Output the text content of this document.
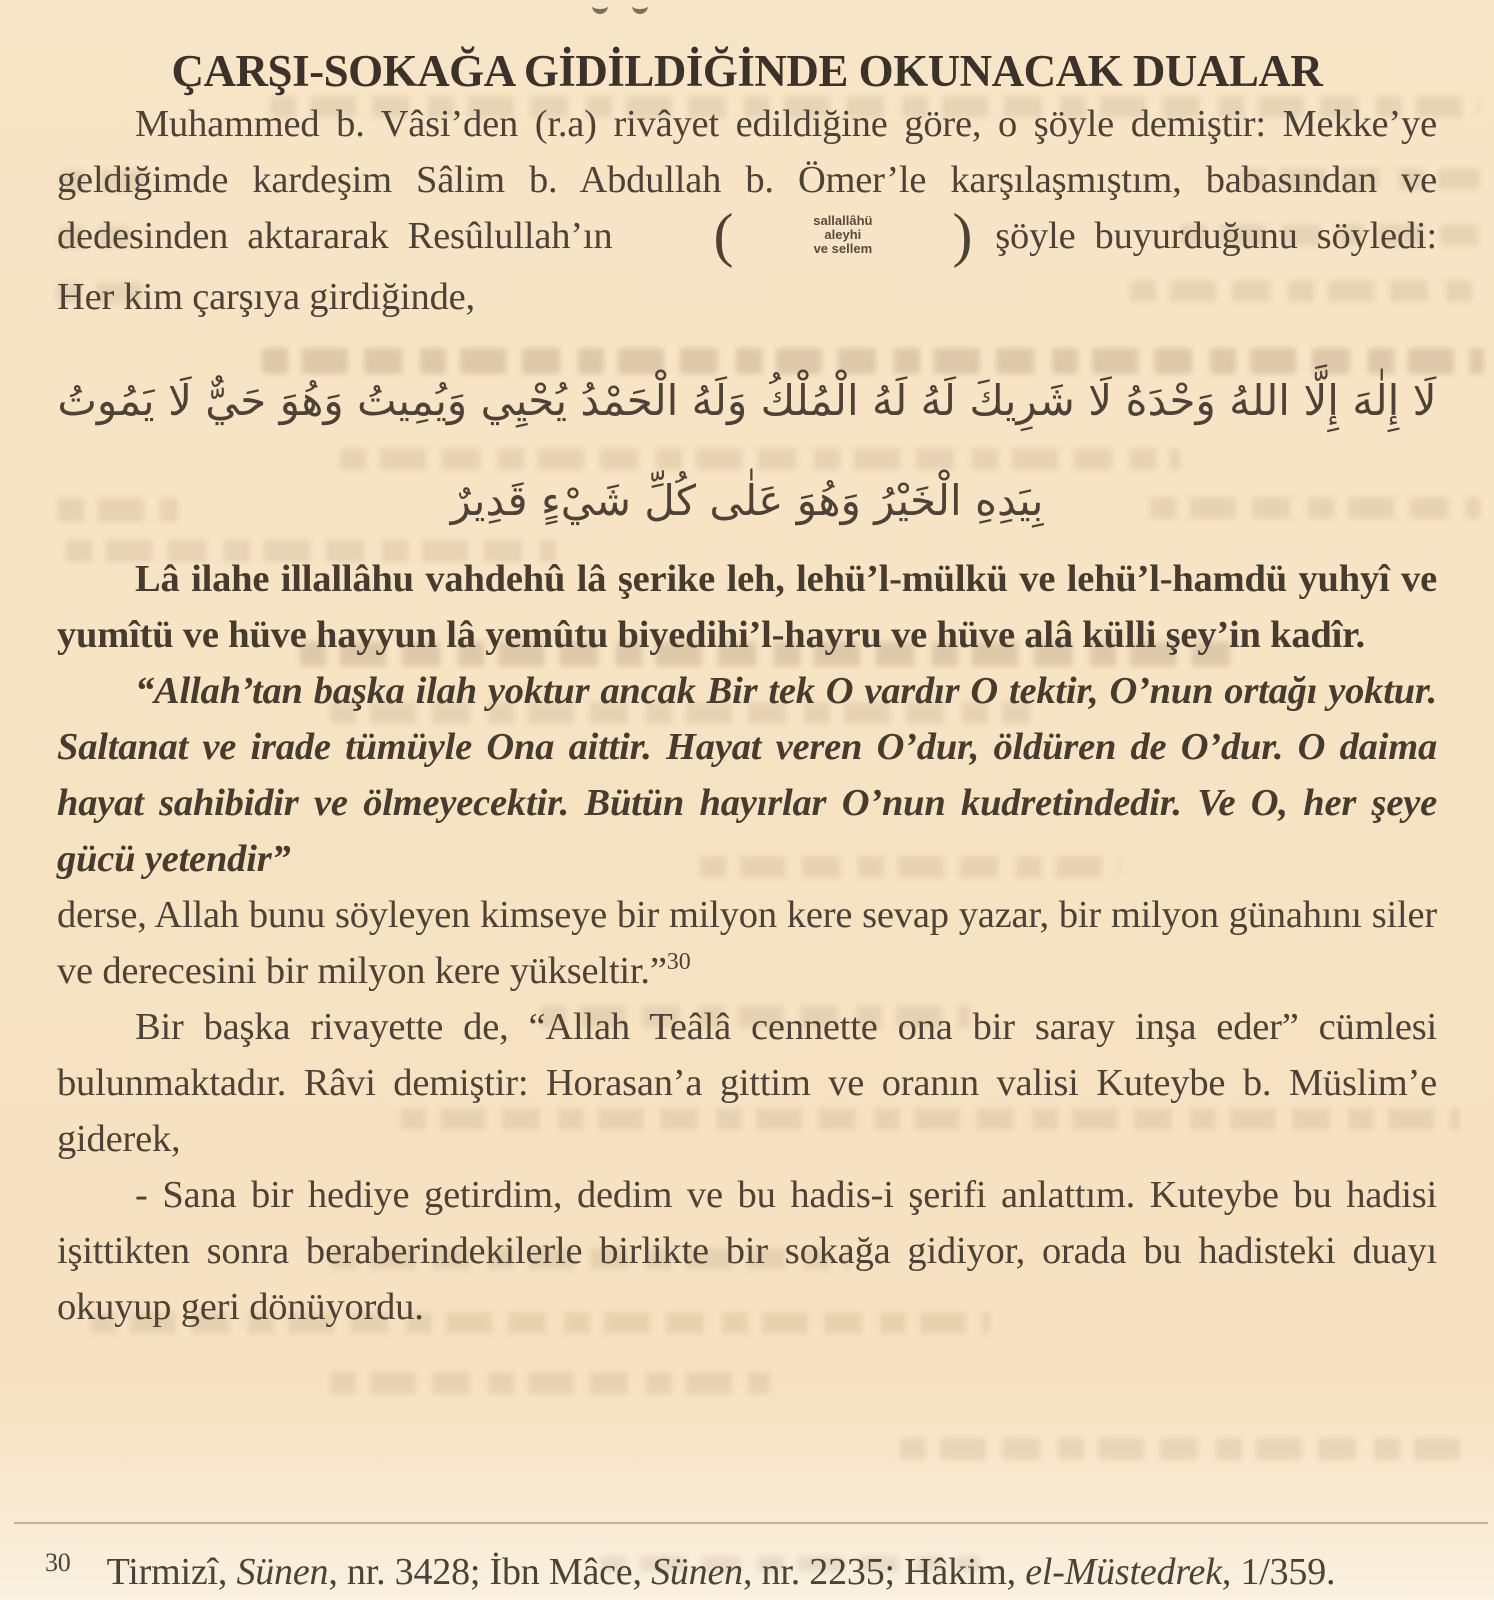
ÇARŞI-SOKAĞA GİDİLDİĞİNDE OKUNACAK DUALAR

Muhammed b. Vâsi’den (r.a) rivâyet edildiğine göre, o şöyle demiştir: Mekke’ye geldiğimde kardeşim Sâlim b. Abdullah b. Ömer’le karşılaşmıştım, babasından ve dedesinden aktararak Resûlullah’ın	(	sallallâhü
aleyhi
ve sellem	) şöyle buyurduğunu söyledi: Her kim çarşıya girdiğinde,

لَا إِلٰهَ إِلَّا اللهُ وَحْدَهُ لَا شَرِيكَ لَهُ لَهُ الْمُلْكُ وَلَهُ الْحَمْدُ يُحْيِي وَيُمِيتُ وَهُوَ حَيٌّ لَا يَمُوتُ
بِيَدِهِ الْخَيْرُ وَهُوَ عَلٰى كُلِّ شَيْءٍ قَدِيرٌ

Lâ ilahe illallâhu vahdehû lâ şerike leh, lehü’l-mülkü ve lehü’l-hamdü yuhyî ve yumîtü ve hüve hayyun lâ yemûtu biyedihi’l-hayru ve hüve alâ külli şey’in kadîr.

“Allah’tan başka ilah yoktur ancak Bir tek O vardır O tektir, O’nun ortağı yoktur. Saltanat ve irade tümüyle Ona aittir. Hayat veren O’dur, öldüren de O’dur. O daima hayat sahibidir ve ölmeyecektir. Bütün hayırlar O’nun kudretindedir. Ve O, her şeye gücü yetendir”

derse, Allah bunu söyleyen kimseye bir milyon kere sevap yazar, bir milyon günahını siler ve derecesini bir milyon kere yükseltir.”$^{30}$

Bir başka rivayette de, “Allah Teâlâ cennette ona bir saray inşa eder” cümlesi bulunmaktadır. Râvi demiştir: Horasan’a gittim ve oranın valisi Kuteybe b. Müslim’e giderek,

- Sana bir hediye getirdim, dedim ve bu hadis-i şerifi anlattım. Kuteybe bu hadisi işittikten sonra beraberindekilerle birlikte bir sokağa gidiyor, orada bu hadisteki duayı okuyup geri dönüyordu.

$^{30}$ Tirmizî, Sünen, nr. 3428; İbn Mâce, Sünen, nr. 2235; Hâkim, el-Müstedrek, 1/359.
